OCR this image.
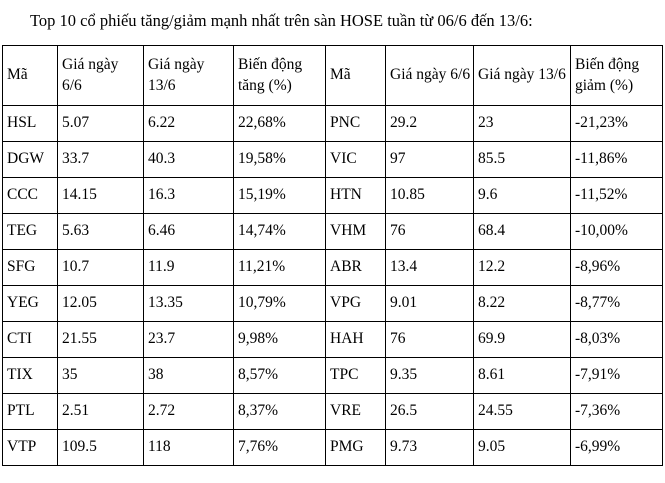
Top 10 cổ phiếu tăng/giảm mạnh nhất trên sàn HOSE tuần từ 06/6 đến 13/6:

Mã	Giá ngày 6/6	Giá ngày 13/6	Biến động tăng (%)	Mã	Giá ngày 6/6	Giá ngày 13/6	Biến động giảm (%)
HSL	5.07	6.22	22,68%	PNC	29.2	23	-21,23%
DGW	33.7	40.3	19,58%	VIC	97	85.5	-11,86%
CCC	14.15	16.3	15,19%	HTN	10.85	9.6	-11,52%
TEG	5.63	6.46	14,74%	VHM	76	68.4	-10,00%
SFG	10.7	11.9	11,21%	ABR	13.4	12.2	-8,96%
YEG	12.05	13.35	10,79%	VPG	9.01	8.22	-8,77%
CTI	21.55	23.7	9,98%	HAH	76	69.9	-8,03%
TIX	35	38	8,57%	TPC	9.35	8.61	-7,91%
PTL	2.51	2.72	8,37%	VRE	26.5	24.55	-7,36%
VTP	109.5	118	7,76%	PMG	9.73	9.05	-6,99%
